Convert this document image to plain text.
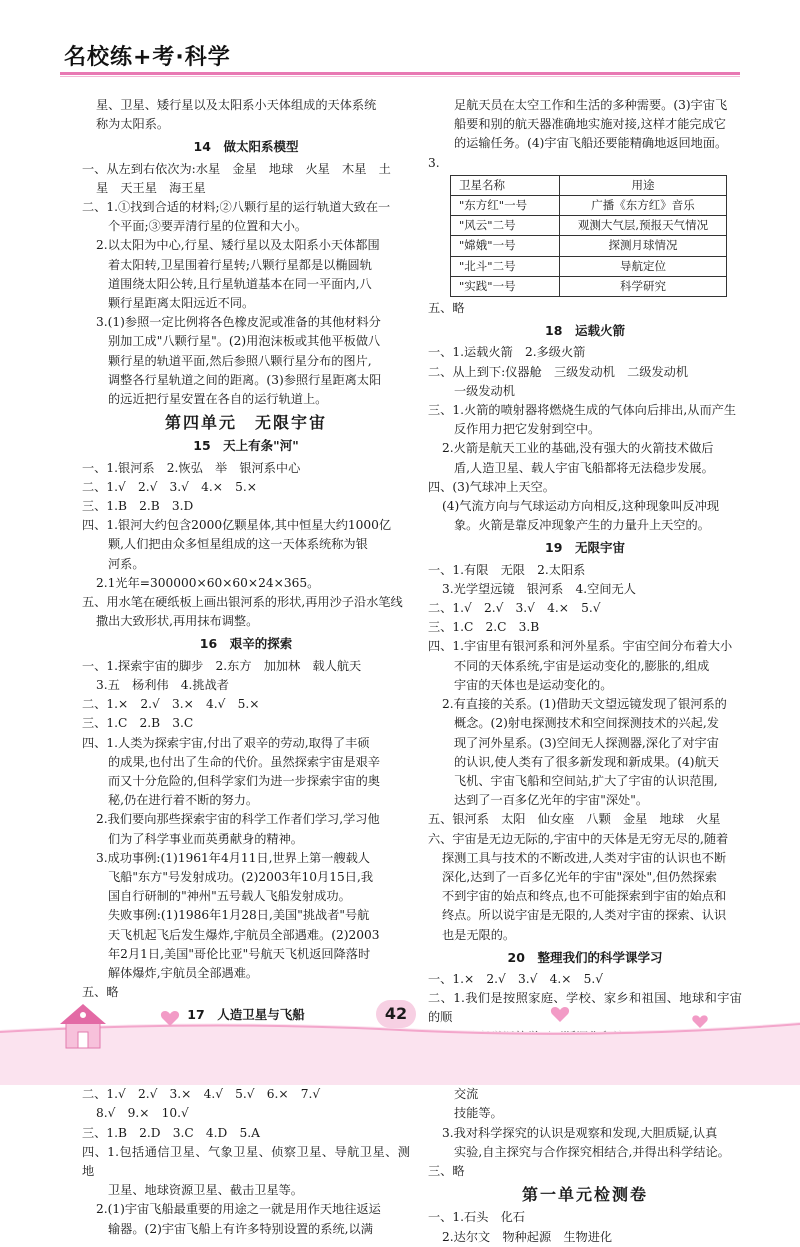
名校练+考·科学

星、卫星、矮行星以及太阳系小天体组成的天体系统

称为太阳系。

14　做太阳系模型

一、从左到右依次为:水星　金星　地球　火星　木星　土

星　天王星　海王星

二、1.①找到合适的材料;②八颗行星的运行轨道大致在一

个平面;③要弄清行星的位置和大小。

2.以太阳为中心,行星、矮行星以及太阳系小天体都围

着太阳转,卫星围着行星转;八颗行星都是以椭圆轨

道围绕太阳公转,且行星轨道基本在同一平面内,八

颗行星距离太阳远近不同。

3.(1)参照一定比例将各色橡皮泥或准备的其他材料分

别加工成"八颗行星"。(2)用泡沫板或其他平板做八

颗行星的轨道平面,然后参照八颗行星分布的图片,

调整各行星轨道之间的距离。(3)参照行星距离太阳

的远近把行星安置在各自的运行轨道上。

第四单元　无限宇宙
15　天上有条"河"

一、1.银河系　2.恢弘　举　银河系中心

二、1.√　2.√　3.√　4.×　5.×

三、1.B　2.B　3.D

四、1.银河大约包含2000亿颗星体,其中恒星大约1000亿

颗,人们把由众多恒星组成的这一天体系统称为银

河系。

2.1光年=300000×60×60×24×365。

五、用水笔在硬纸板上画出银河系的形状,再用沙子沿水笔线

撒出大致形状,再用抹布调整。

16　艰辛的探索

一、1.探索宇宙的脚步　2.东方　加加林　载人航天

3.五　杨利伟　4.挑战者

二、1.×　2.√　3.×　4.√　5.×

三、1.C　2.B　3.C

四、1.人类为探索宇宙,付出了艰辛的劳动,取得了丰硕

的成果,也付出了生命的代价。虽然探索宇宙是艰辛

而又十分危险的,但科学家们为进一步探索宇宙的奥

秘,仍在进行着不断的努力。

2.我们要向那些探索宇宙的科学工作者们学习,学习他

们为了科学事业而英勇献身的精神。

3.成功事例:(1)1961年4月11日,世界上第一艘载人

飞船"东方"号发射成功。(2)2003年10月15日,我

国自行研制的"神州"五号载人飞船发射成功。

失败事例:(1)1986年1月28日,美国"挑战者"号航

天飞机起飞后发生爆炸,宇航员全部遇难。(2)2003

年2月1日,美国"哥伦比亚"号航天飞机返回降落时

解体爆炸,宇航员全部遇难。

五、略

17　人造卫星与飞船

二、1.√　2.√　3.×　4.√　5.√　6.×　7.√

8.√　9.×　10.√

三、1.B　2.D　3.C　4.D　5.A

四、1.包括通信卫星、气象卫星、侦察卫星、导航卫星、测地

卫星、地球资源卫星、截击卫星等。

2.(1)宇宙飞船最重要的用途之一就是用作天地往返运

输器。(2)宇宙飞船上有许多特别设置的系统,以满

足航天员在太空工作和生活的多种需要。(3)宇宙飞

船要和别的航天器准确地实施对接,这样才能完成它

的运输任务。(4)宇宙飞船还要能精确地返回地面。

3.

卫星名称	用途
"东方红"一号	广播《东方红》音乐
"风云"二号	观测大气层,预报天气情况
"嫦娥"一号	探测月球情况
"北斗"二号	导航定位
"实践"一号	科学研究

五、略

18　运载火箭

一、1.运载火箭　2.多级火箭

二、从上到下:仪器舱　三级发动机　二级发动机

一级发动机

三、1.火箭的喷射器将燃烧生成的气体向后排出,从而产生

反作用力把它发射到空中。

2.火箭是航天工业的基础,没有强大的火箭技术做后

盾,人造卫星、载人宇宙飞船都将无法稳步发展。

四、(3)气球冲上天空。

(4)气流方向与气球运动方向相反,这种现象叫反冲现

象。火箭是靠反冲现象产生的力量升上天空的。

19　无限宇宙

一、1.有限　无限　2.太阳系

3.光学望远镜　银河系　4.空间无人

二、1.√　2.√　3.√　4.×　5.√

三、1.C　2.C　3.B

四、1.宇宙里有银河系和河外星系。宇宙空间分布着大小

不同的天体系统,宇宙是运动变化的,膨胀的,组成

宇宙的天体也是运动变化的。

2.有直接的关系。(1)借助天文望远镜发现了银河系的

概念。(2)射电探测技术和空间探测技术的兴起,发

现了河外星系。(3)空间无人探测器,深化了对宇宙

的认识,使人类有了很多新发现和新成果。(4)航天

飞机、宇宙飞船和空间站,扩大了宇宙的认识范围,

达到了一百多亿光年的宇宙"深处"。

五、银河系　太阳　仙女座　八颗　金星　地球　火星

六、宇宙是无边无际的,宇宙中的天体是无穷无尽的,随着

探测工具与技术的不断改进,人类对宇宙的认识也不断

深化,达到了一百多亿光年的宇宙"深处",但仍然探索

不到宇宙的始点和终点,也不可能探索到宇宙的始点和

终点。所以说宇宙是无限的,人类对宇宙的探索、认识

也是无限的。

20　整理我们的科学课学习

一、1.×　2.√　3.√　4.×　5.√

二、1.我们是按照家庭、学校、家乡和祖国、地球和宇宙的顺

交流

技能等。

3.我对科学探究的认识是观察和发现,大胆质疑,认真

实验,自主探究与合作探究相结合,并得出科学结论。

三、略

第一单元检测卷

一、1.石头　化石

2.达尔文　物种起源　生物进化

42
